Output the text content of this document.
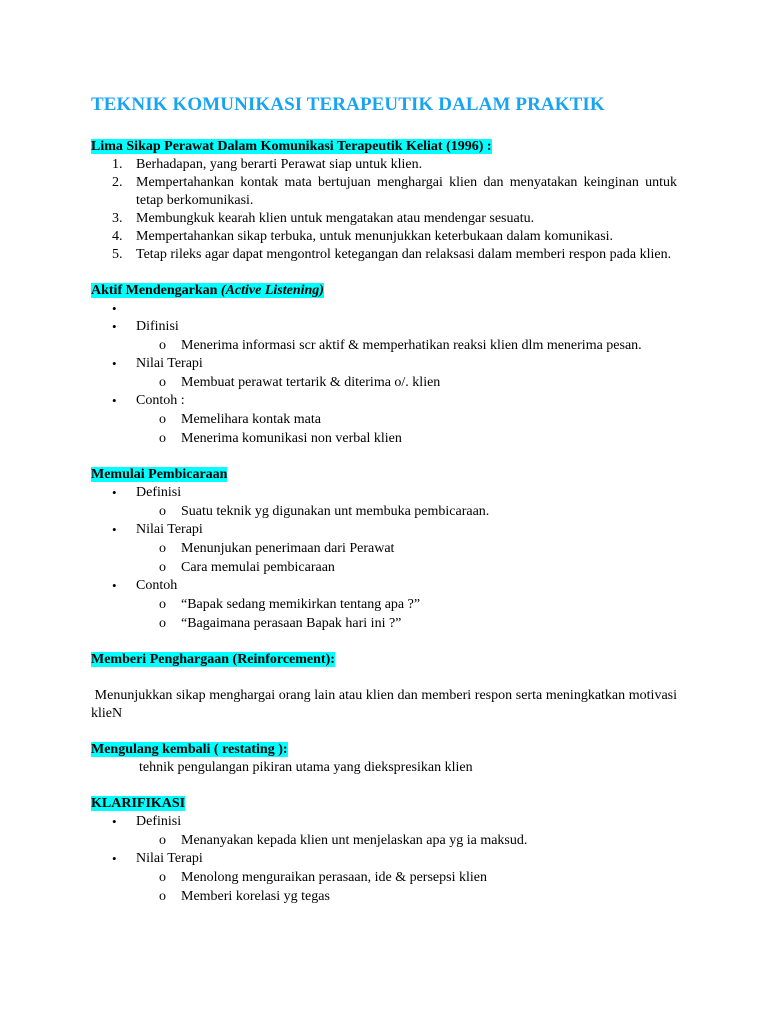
TEKNIK KOMUNIKASI TERAPEUTIK DALAM PRAKTIK
Lima Sikap Perawat Dalam Komunikasi Terapeutik Keliat (1996) :
1. Berhadapan, yang berarti Perawat siap untuk klien.
2. Mempertahankan kontak mata bertujuan menghargai klien dan menyatakan keinginan untuk tetap berkomunikasi.
3. Membungkuk kearah klien untuk mengatakan atau mendengar sesuatu.
4. Mempertahankan sikap terbuka, untuk menunjukkan keterbukaan dalam komunikasi.
5. Tetap rileks agar dapat mengontrol ketegangan dan relaksasi dalam memberi respon pada klien.
Aktif Mendengarkan (Active Listening)
•
• Difinisi
o Menerima informasi scr aktif & memperhatikan reaksi klien dlm menerima pesan.
• Nilai Terapi
o Membuat perawat tertarik & diterima o/. klien
• Contoh :
o Memelihara kontak mata
o Menerima komunikasi non verbal klien
Memulai Pembicaraan
• Definisi
o Suatu teknik yg digunakan unt membuka pembicaraan.
• Nilai Terapi
o Menunjukan penerimaan dari Perawat
o Cara memulai pembicaraan
• Contoh
o “Bapak sedang memikirkan tentang apa ?”
o “Bagaimana perasaan Bapak hari ini ?”
Memberi Penghargaan (Reinforcement):
Menunjukkan sikap menghargai orang lain atau klien dan memberi respon serta meningkatkan motivasi klieN
Mengulang kembali ( restating ):
tehnik pengulangan pikiran utama yang diekspresikan klien
KLARIFIKASI
• Definisi
o Menanyakan kepada klien unt menjelaskan apa yg ia maksud.
• Nilai Terapi
o Menolong menguraikan perasaan, ide & persepsi klien
o Memberi korelasi yg tegas
